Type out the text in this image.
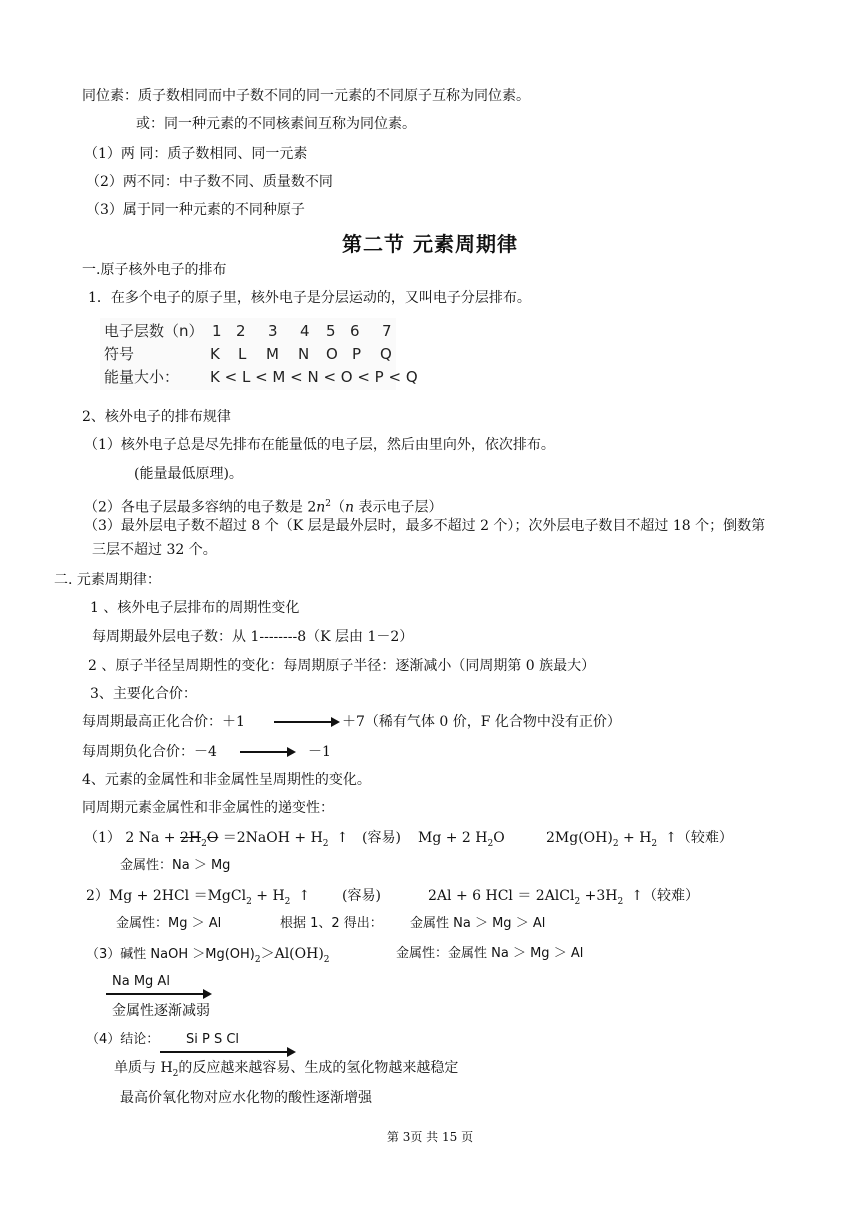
同位素：质子数相同而中子数不同的同一元素的不同原子互称为同位素。
或：同一种元素的不同核素间互称为同位素。
（1）两 同：质子数相同、同一元素
（2）两不同：中子数不同、质量数不同
（3）属于同一种元素的不同种原子
第二节 元素周期律
一.原子核外电子的排布
1．在多个电子的原子里，核外电子是分层运动的，又叫电子分层排布。
电子层数（n） 1 2 3 4 5 6 7
符号	K L M N O P Q
能量大小： K < L < M < N < O < P < Q
2、核外电子的排布规律
（1）核外电子总是尽先排布在能量低的电子层，然后由里向外，依次排布。
(能量最低原理)。
（2）各电子层最多容纳的电子数是 $2n^2(n$ 表示电子层）
（3）最外层电子数不超过 8 个（K 层是最外层时，最多不超过 2 个）；次外层电子数目不超过 18 个；倒数第
三层不超过 32 个。
二. 元素周期律：
1 、核外电子层排布的周期性变化
每周期最外层电子数：从 1--------8（K 层由 1－2）
2 、原子半径呈周期性的变化：每周期原子半径：逐渐减小（同周期第 0 族最大）
3、主要化合价：
每周期最高正化合价：＋1	＋7（稀有气体 0 价，F 化合物中没有正价）
每周期负化合价：－4	－1
4、元素的金属性和非金属性呈周期性的变化。
同周期元素金属性和非金属性的递变性：
（1） 2 $Na + 2H_2O$ ＝2NaOH + $H_2$ ↑ (容易) Mg + 2 $H_2O$	$2Mg(OH)_2 + H_2$ ↑（较难）
金属性：Na ＞ Mg
2）Mg + 2HCl ＝MgCl$_2$ + $H_2$ ↑ (容易)	2Al + 6 HCl ＝ 2AlCl$_2$ $+3H_2$ ↑（较难）
金属性：Mg ＞ Al	根据 1、2 得出： 金属性 Na ＞ Mg ＞ Al
（3）碱性 NaOH $>Mg(OH)_2>Al(OH)_2$	金属性：金属性 Na ＞ Mg ＞ Al
Na Mg Al
金属性逐渐减弱
（4）结论： Si P S Cl
单质与 $H_2$的反应越来越容易、生成的氢化物越来越稳定
最高价氧化物对应水化物的酸性逐渐增强
第 3页 共 15 页
